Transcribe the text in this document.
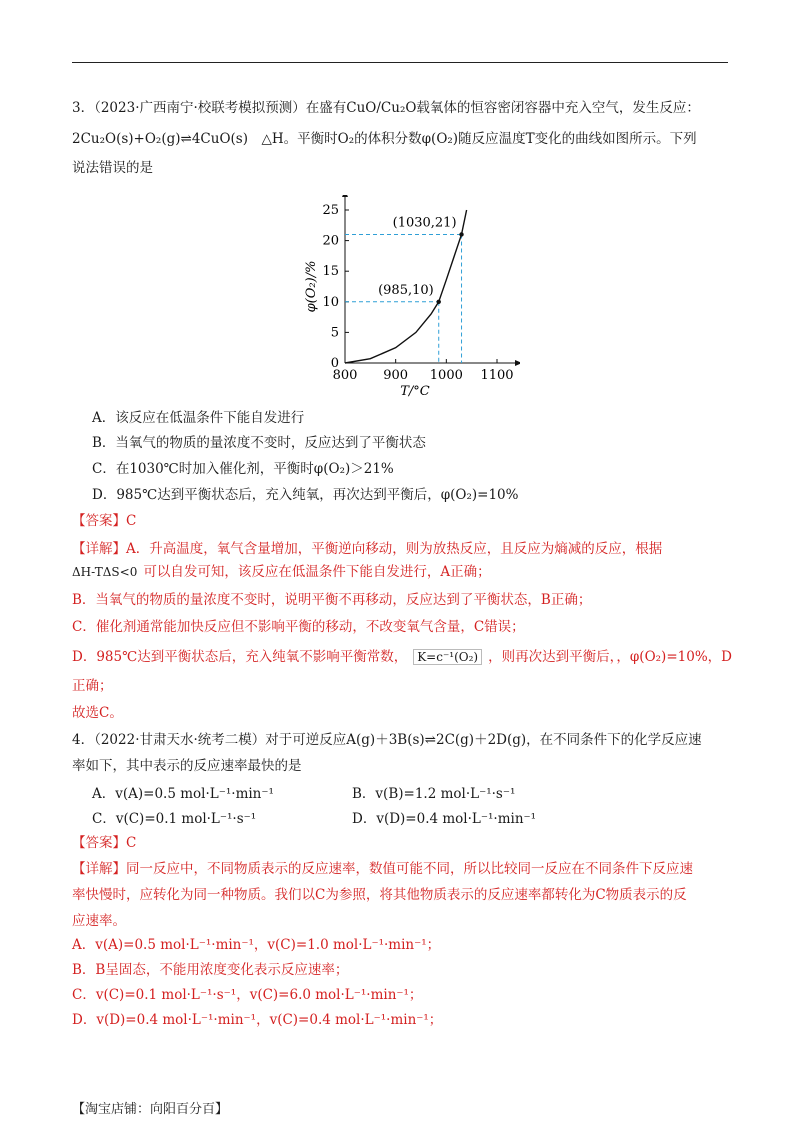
3．（2023·广西南宁·校联考模拟预测）在盛有CuO/Cu₂O载氧体的恒容密闭容器中充入空气，发生反应：
2Cu₂O(s)+O₂(g)⇌4CuO(s)　△H。平衡时O₂的体积分数φ(O₂)随反应温度T变化的曲线如图所示。下列
说法错误的是
800 900 1000 1100
0
5
10
15
20
25
T/°C
φ(O₂)/%	(985,10)
(1030,21)
A．该反应在低温条件下能自发进行
B．当氧气的物质的量浓度不变时，反应达到了平衡状态
C．在1030℃时加入催化剂，平衡时φ(O₂)＞21%
D．985℃达到平衡状态后，充入纯氧，再次达到平衡后，φ(O₂)=10%
【答案】C
【详解】A．升高温度，氧气含量增加，平衡逆向移动，则为放热反应，且反应为熵减的反应，根据
ΔH-TΔS<0 可以自发可知，该反应在低温条件下能自发进行，A正确；
B．当氧气的物质的量浓度不变时，说明平衡不再移动，反应达到了平衡状态，B正确；
C．催化剂通常能加快反应但不影响平衡的移动，不改变氧气含量，C错误；
D．985℃达到平衡状态后，充入纯氧不影响平衡常数， K=c⁻¹(O₂) ，则再次达到平衡后，，φ(O₂)=10%，D
正确；
故选C。
4．（2022·甘肃天水·统考二模）对于可逆反应A(g)＋3B(s)⇌2C(g)＋2D(g)，在不同条件下的化学反应速
率如下，其中表示的反应速率最快的是
A．v(A)=0.5 mol·L⁻¹·min⁻¹	B．v(B)=1.2 mol·L⁻¹·s⁻¹
C．v(C)=0.1 mol·L⁻¹·s⁻¹	D．v(D)=0.4 mol·L⁻¹·min⁻¹
【答案】C
【详解】同一反应中，不同物质表示的反应速率，数值可能不同，所以比较同一反应在不同条件下反应速
率快慢时，应转化为同一种物质。我们以C为参照，将其他物质表示的反应速率都转化为C物质表示的反
应速率。
A．v(A)=0.5 mol·L⁻¹·min⁻¹，v(C)=1.0 mol·L⁻¹·min⁻¹；
B．B呈固态，不能用浓度变化表示反应速率；
C．v(C)=0.1 mol·L⁻¹·s⁻¹，v(C)=6.0 mol·L⁻¹·min⁻¹；
D．v(D)=0.4 mol·L⁻¹·min⁻¹，v(C)=0.4 mol·L⁻¹·min⁻¹；
【淘宝店铺：向阳百分百】
